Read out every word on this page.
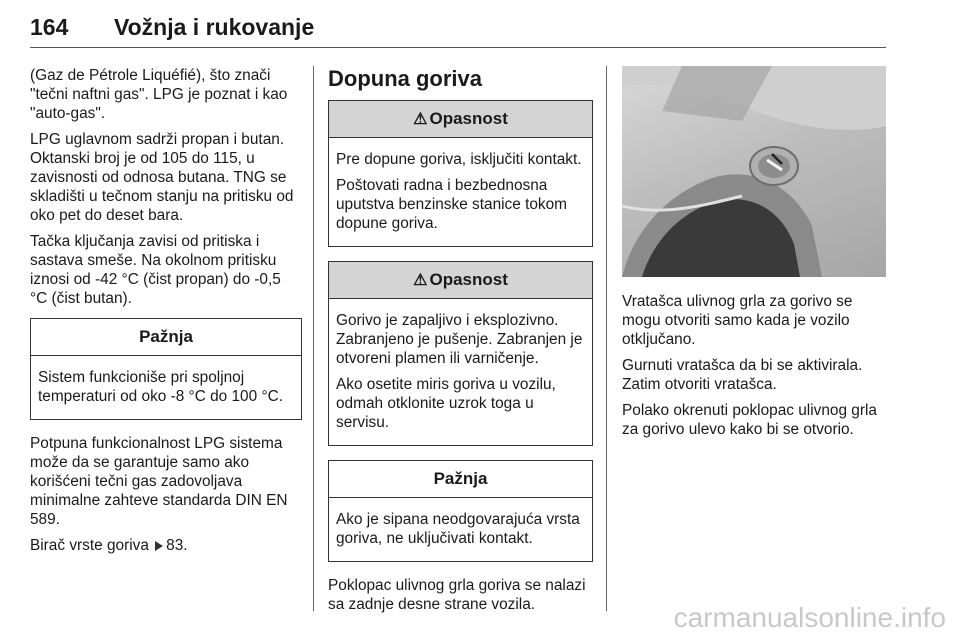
164 Vožnja i rukovanje

(Gaz de Pétrole Liquéfié), što znači "tečni naftni gas". LPG je poznat i kao "auto-gas".

LPG uglavnom sadrži propan i butan. Oktanski broj je od 105 do 115, u zavisnosti od odnosa butana. TNG se skladišti u tečnom stanju na pritisku od oko pet do deset bara.

Tačka ključanja zavisi od pritiska i sastava smeše. Na okolnom pritisku iznosi od -42 °C (čist propan) do -0,5 °C (čist butan).

Pažnja

Sistem funkcioniše pri spoljnoj temperaturi od oko -8 °C do 100 °C.

Potpuna funkcionalnost LPG sistema može da se garantuje samo ako korišćeni tečni gas zadovoljava minimalne zahteve standarda DIN EN 589.

Birač vrste goriva 83.

Dopuna goriva
⚠ Opasnost

Pre dopune goriva, isključiti kontakt.

Poštovati radna i bezbednosna uputstva benzinske stanice tokom dopune goriva.

⚠ Opasnost

Gorivo je zapaljivo i eksplozivno. Zabranjeno je pušenje. Zabranjen je otvoreni plamen ili varničenje.

Ako osetite miris goriva u vozilu, odmah otklonite uzrok toga u servisu.

Pažnja

Ako je sipana neodgovarajuća vrsta goriva, ne uključivati kontakt.

Poklopac ulivnog grla goriva se nalazi sa zadnje desne strane vozila.

Vratašca ulivnog grla za gorivo se mogu otvoriti samo kada je vozilo otključano.

Gurnuti vratašca da bi se aktivirala. Zatim otvoriti vratašca.

Polako okrenuti poklopac ulivnog grla za gorivo ulevo kako bi se otvorio.

carmanualsonline.info
